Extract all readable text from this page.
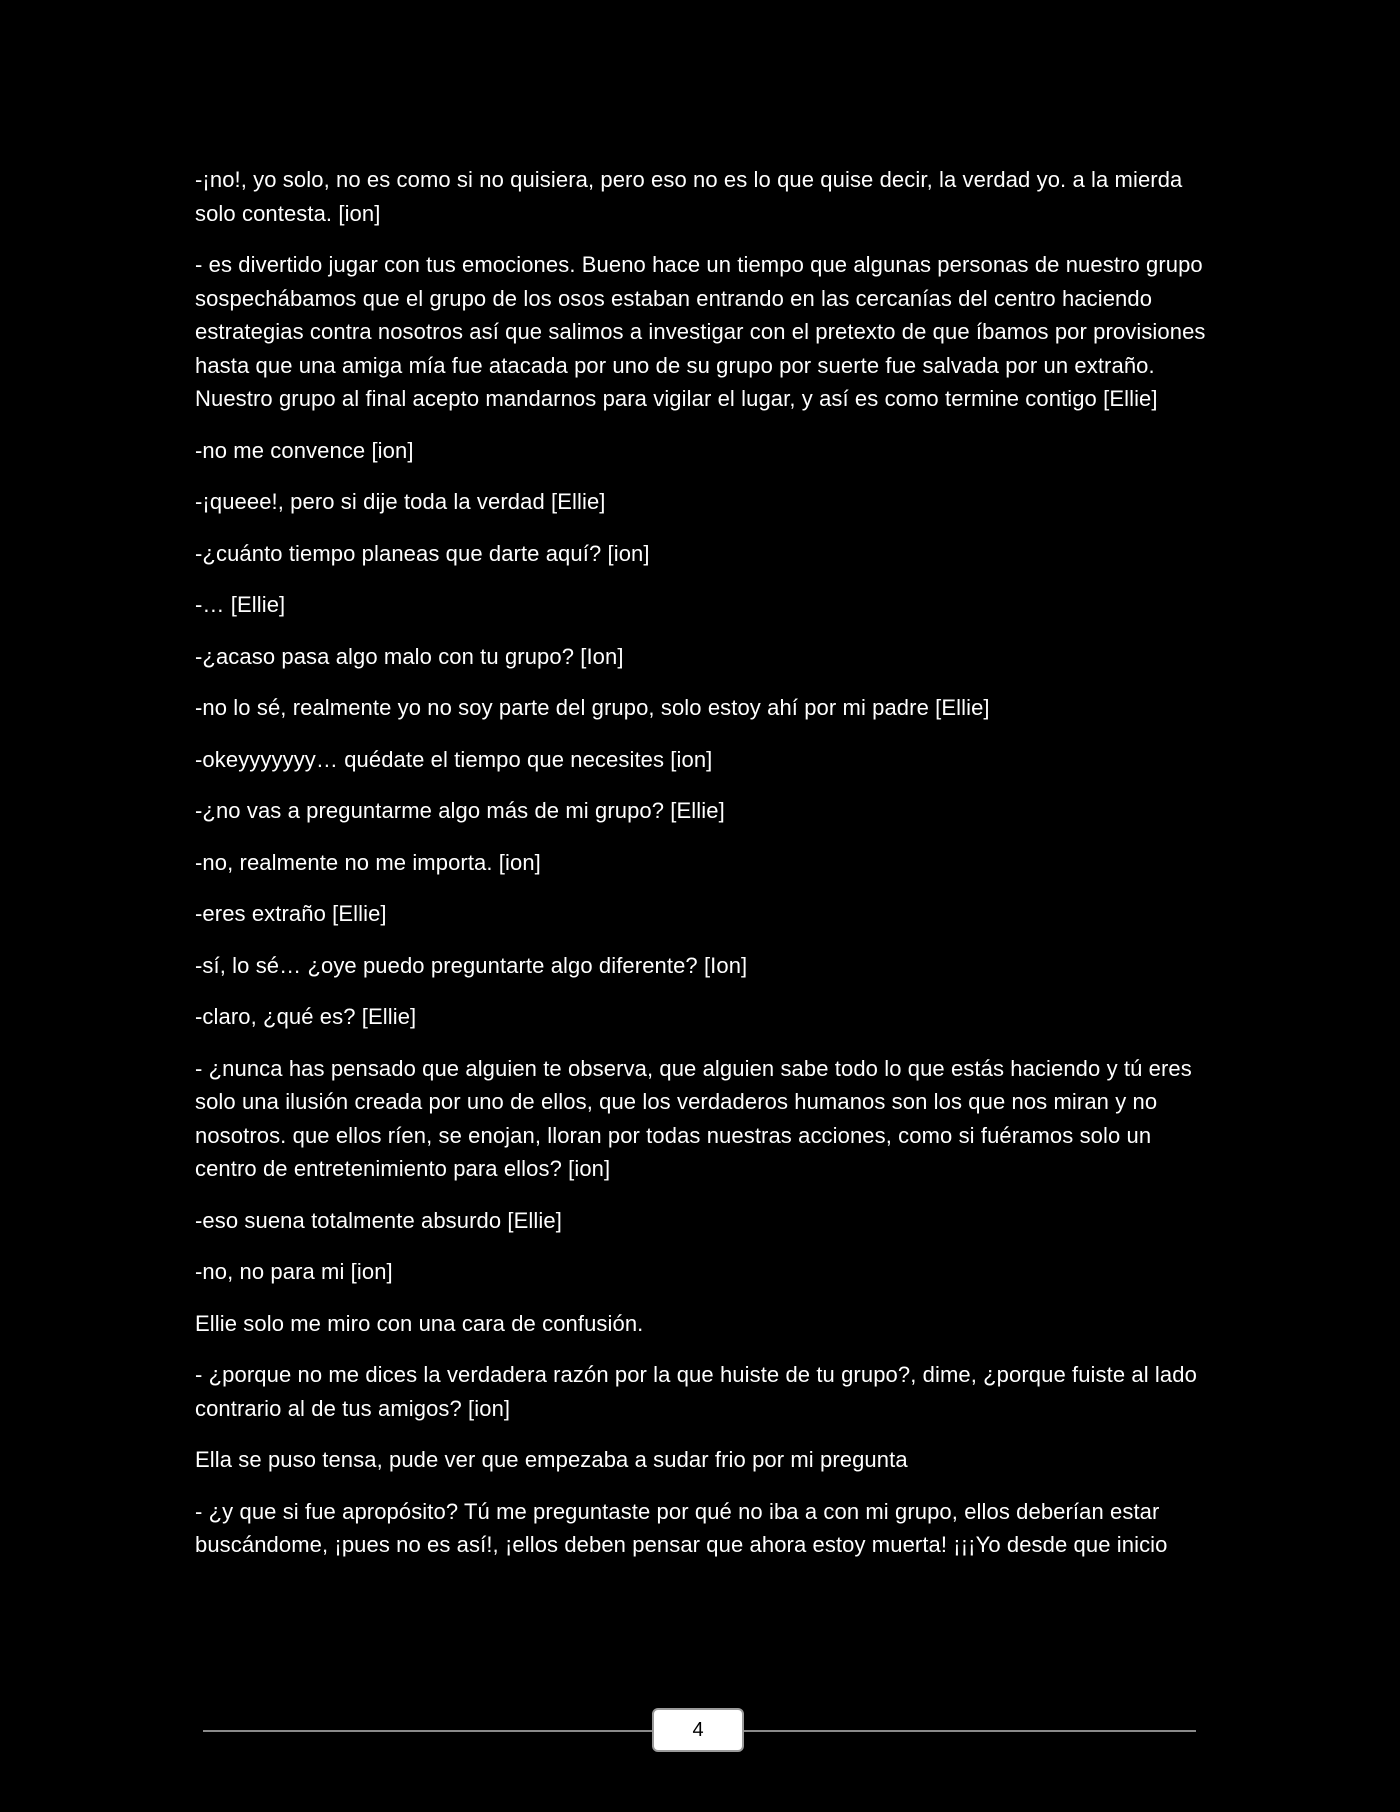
-¡no!, yo solo, no es como si no quisiera, pero eso no es lo que quise decir, la verdad yo. a la mierda solo contesta. [ion]

- es divertido jugar con tus emociones. Bueno hace un tiempo que algunas personas de nuestro grupo sospechábamos que el grupo de los osos estaban entrando en las cercanías del centro haciendo estrategias contra nosotros así que salimos a investigar con el pretexto de que íbamos por provisiones hasta que una amiga mía fue atacada por uno de su grupo por suerte fue salvada por un extraño. Nuestro grupo al final acepto mandarnos para vigilar el lugar, y así es como termine contigo [Ellie]

-no me convence [ion]

-¡queee!, pero si dije toda la verdad [Ellie]

-¿cuánto tiempo planeas que darte aquí? [ion]

-… [Ellie]

-¿acaso pasa algo malo con tu grupo? [Ion]

-no lo sé, realmente yo no soy parte del grupo, solo estoy ahí por mi padre [Ellie]

-okeyyyyyyy… quédate el tiempo que necesites [ion]

-¿no vas a preguntarme algo más de mi grupo? [Ellie]

-no, realmente no me importa. [ion]

-eres extraño [Ellie]

-sí, lo sé… ¿oye puedo preguntarte algo diferente? [Ion]

-claro, ¿qué es? [Ellie]

- ¿nunca has pensado que alguien te observa, que alguien sabe todo lo que estás haciendo y tú eres solo una ilusión creada por uno de ellos, que los verdaderos humanos son los que nos miran y no nosotros. que ellos ríen, se enojan, lloran por todas nuestras acciones, como si fuéramos solo un centro de entretenimiento para ellos? [ion]

-eso suena totalmente absurdo [Ellie]

-no, no para mi [ion]

Ellie solo me miro con una cara de confusión.

- ¿porque no me dices la verdadera razón por la que huiste de tu grupo?, dime, ¿porque fuiste al lado contrario al de tus amigos? [ion]

Ella se puso tensa, pude ver que empezaba a sudar frio por mi pregunta

- ¿y que si fue apropósito? Tú me preguntaste por qué no iba a con mi grupo, ellos deberían estar buscándome, ¡pues no es así!, ¡ellos deben pensar que ahora estoy muerta! ¡¡¡Yo desde que inicio

4
